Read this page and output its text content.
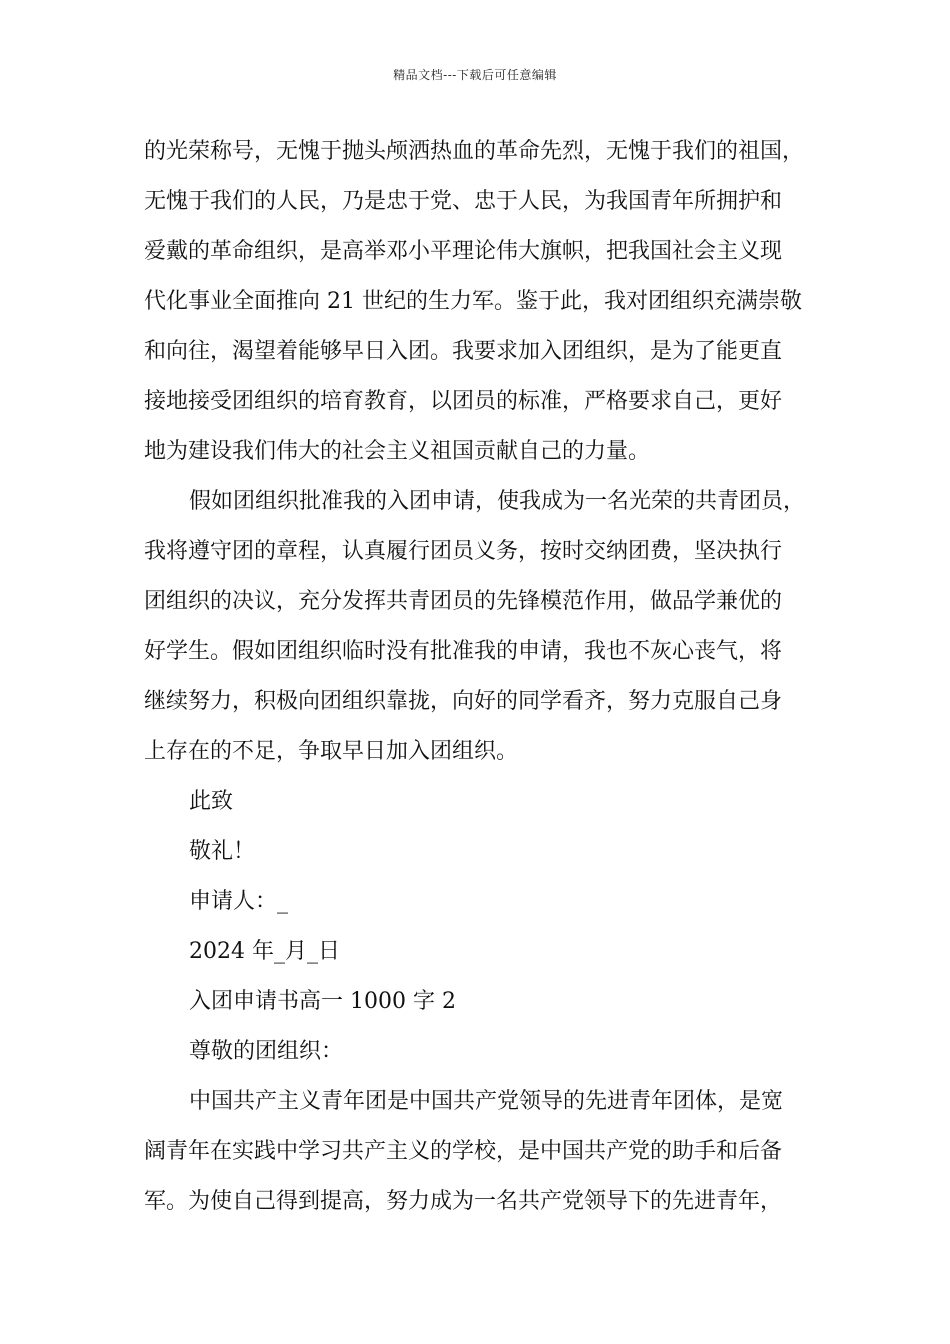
精品文档---下载后可任意编辑
的光荣称号，无愧于抛头颅洒热血的革命先烈，无愧于我们的祖国，
无愧于我们的人民，乃是忠于党、忠于人民，为我国青年所拥护和
爱戴的革命组织，是高举邓小平理论伟大旗帜，把我国社会主义现
代化事业全面推向 21 世纪的生力军。鉴于此，我对团组织充满崇敬
和向往，渴望着能够早日入团。我要求加入团组织，是为了能更直
接地接受团组织的培育教育，以团员的标准，严格要求自己，更好
地为建设我们伟大的社会主义祖国贡献自己的力量。
假如团组织批准我的入团申请，使我成为一名光荣的共青团员，
我将遵守团的章程，认真履行团员义务，按时交纳团费，坚决执行
团组织的决议，充分发挥共青团员的先锋模范作用，做品学兼优的
好学生。假如团组织临时没有批准我的申请，我也不灰心丧气，将
继续努力，积极向团组织靠拢，向好的同学看齐，努力克服自己身
上存在的不足，争取早日加入团组织。
此致
敬礼！
申请人：_
2024 年_月_日
入团申请书高一 1000 字 2
尊敬的团组织：
中国共产主义青年团是中国共产党领导的先进青年团体，是宽
阔青年在实践中学习共产主义的学校，是中国共产党的助手和后备
军。为使自己得到提高，努力成为一名共产党领导下的先进青年，
